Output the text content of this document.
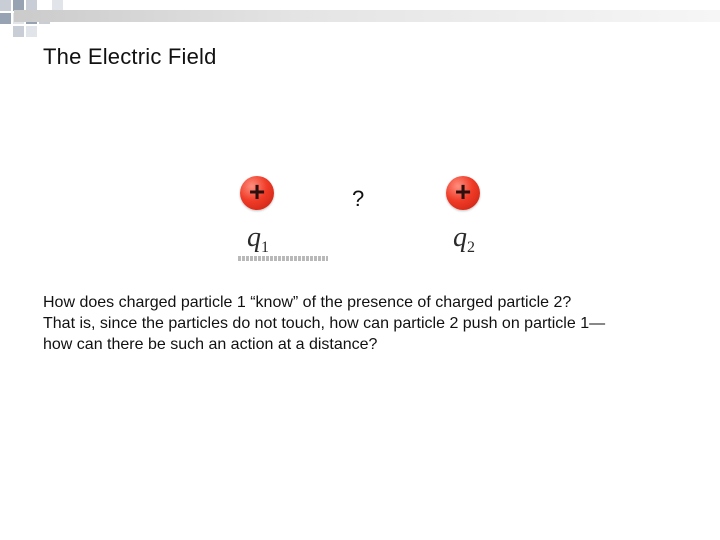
The Electric Field
+
$q_1$
?	+
$q_2$
How does charged particle 1 “know” of the presence of charged particle 2?
That is, since the particles do not touch, how can particle 2 push on particle 1—
how can there be such an action at a distance?
